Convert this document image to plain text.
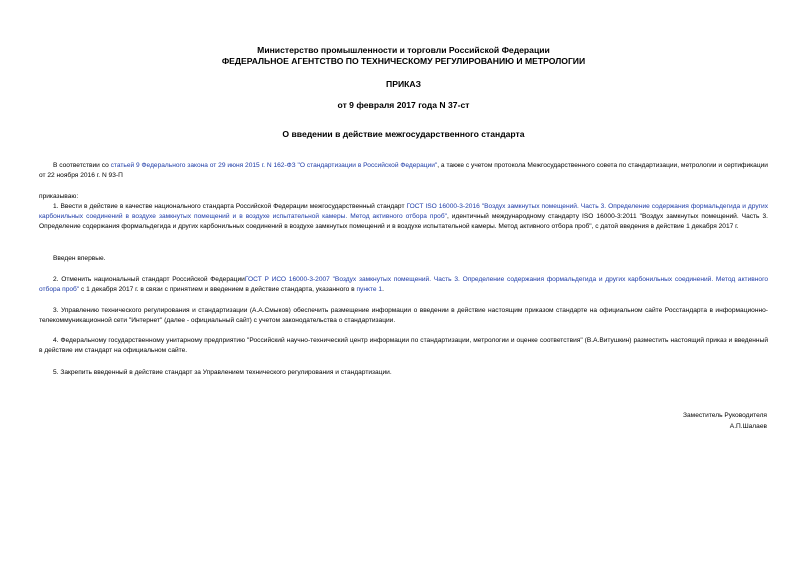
Министерство промышленности и торговли Российской Федерации
ФЕДЕРАЛЬНОЕ АГЕНТСТВО ПО ТЕХНИЧЕСКОМУ РЕГУЛИРОВАНИЮ И МЕТРОЛОГИИ
ПРИКАЗ
от 9 февраля 2017 года N 37-ст
О введении в действие межгосударственного стандарта
В соответствии со статьей 9 Федерального закона от 29 июня 2015 г. N 162-ФЗ "О стандартизации в Российской Федерации", а также с учетом протокола Межгосударственного совета по стандартизации, метрологии и сертификации от 22 ноября 2016 г. N 93-П
приказываю:
1. Ввести в действие в качестве национального стандарта Российской Федерации межгосударственный стандарт ГОСТ ISO 16000-3-2016 "Воздух замкнутых помещений. Часть 3. Определение содержания формальдегида и других карбонильных соединений в воздухе замкнутых помещений и в воздухе испытательной камеры. Метод активного отбора проб", идентичный международному стандарту ISO 16000-3:2011 "Воздух замкнутых помещений. Часть 3. Определение содержания формальдегида и других карбонильных соединений в воздухе замкнутых помещений и в воздухе испытательной камеры. Метод активного отбора проб", с датой введения в действие 1 декабря 2017 г.
Введен впервые.
2. Отменить национальный стандарт Российской ФедерацииГОСТ Р ИСО 16000-3-2007 "Воздух замкнутых помещений. Часть 3. Определение содержания формальдегида и других карбонильных соединений. Метод активного отбора проб" с 1 декабря 2017 г. в связи с принятием и введением в действие стандарта, указанного в пункте 1.
3. Управлению технического регулирования и стандартизации (А.А.Смыков) обеспечить размещение информации о введении в действие настоящим приказом стандарте на официальном сайте Росстандарта в информационно-телекоммуникационной сети "Интернет" (далее - официальный сайт) с учетом законодательства о стандартизации.
4. Федеральному государственному унитарному предприятию "Российский научно-технический центр информации по стандартизации, метрологии и оценке соответствия" (В.А.Витушкин) разместить настоящий приказ и введенный в действие им стандарт на официальном сайте.
5. Закрепить введенный в действие стандарт за Управлением технического регулирования и стандартизации.
Заместитель Руководителя
А.П.Шалаев
